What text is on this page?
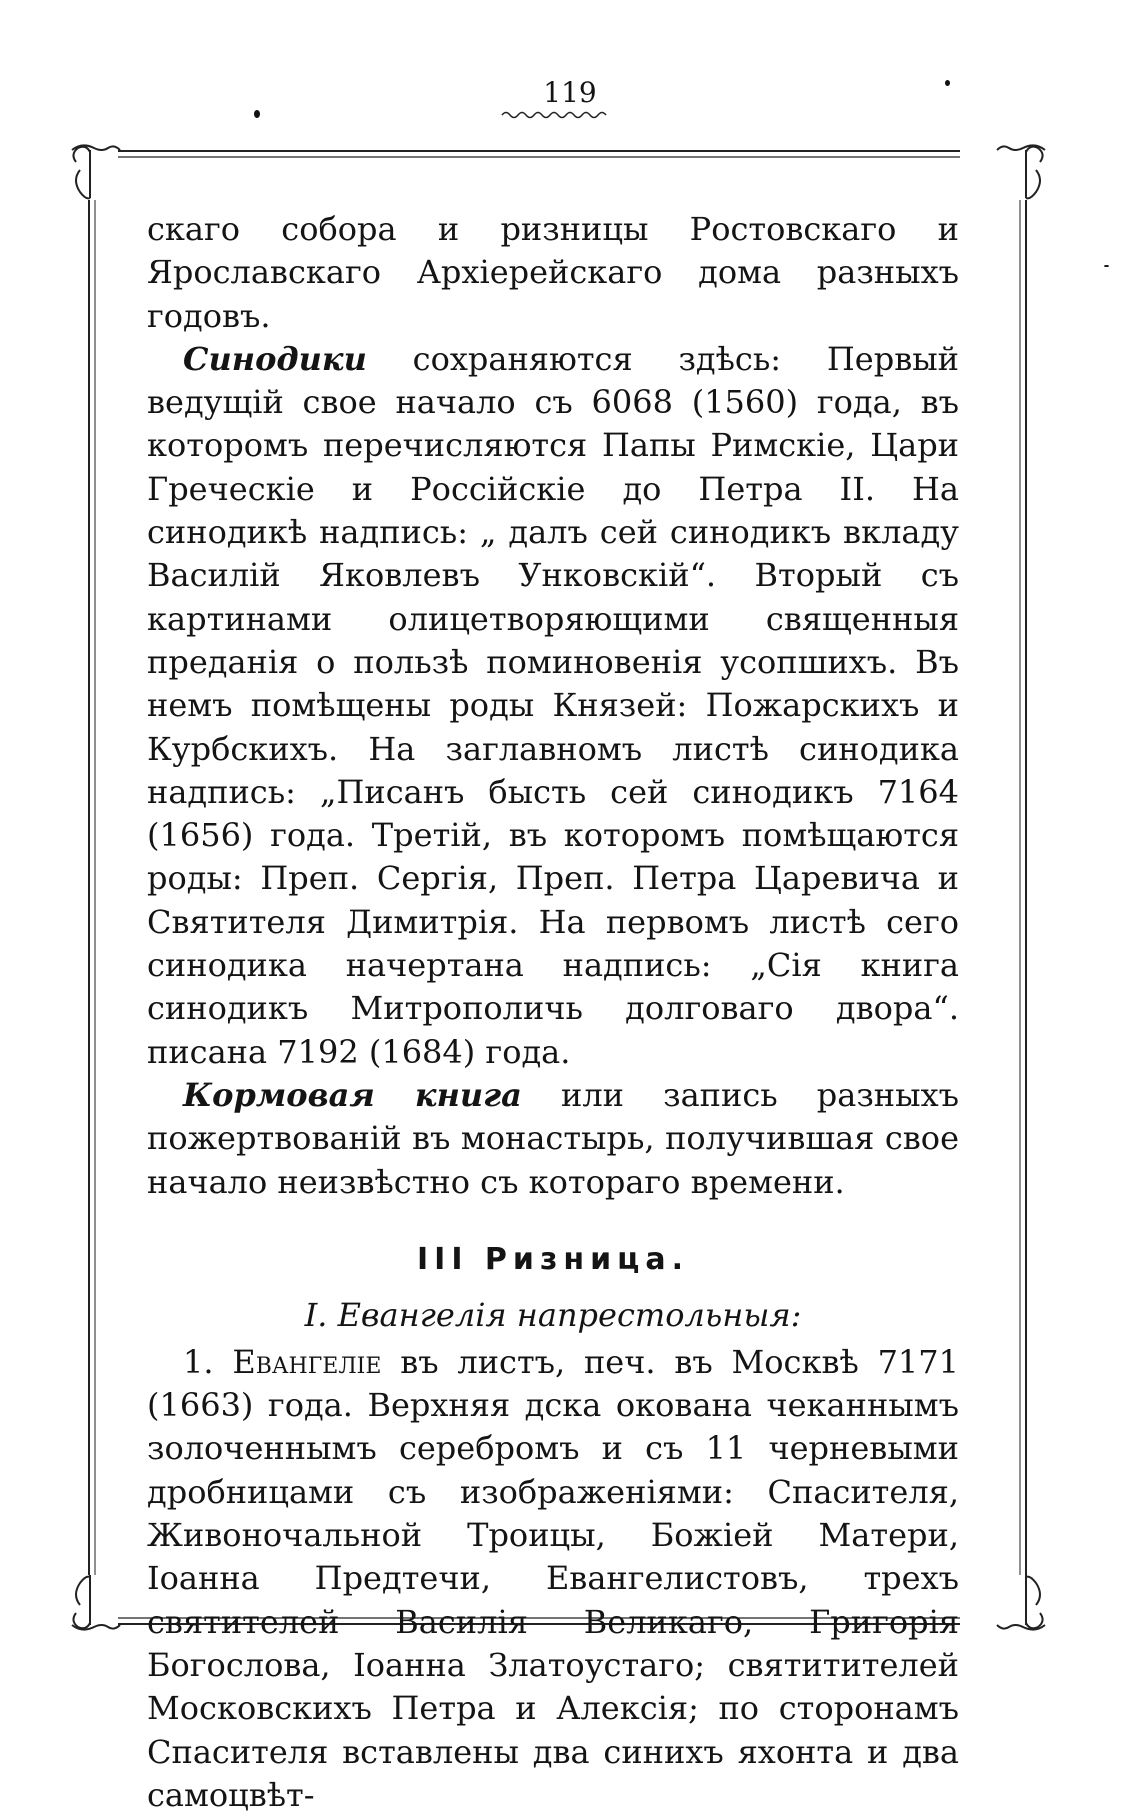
119

скаго собора и ризницы Ростовскаго и Ярославскаго Архіерейскаго дома разныхъ годовъ.

Синодики сохраняются здѣсь: Первый ведущій свое начало съ 6068 (1560) года, въ которомъ перечисляются Папы Римскіе, Цари Греческіе и Россійскіе до Петра II. На синодикѣ надпись: „ далъ сей синодикъ вкладу Василій Яковлевъ Унковскій“. Вторый съ картинами олицетворяющими священныя преданія о пользѣ поминовенія усопшихъ. Въ немъ помѣщены роды Князей: Пожарскихъ и Курбскихъ. На заглавномъ листѣ синодика надпись: „Писанъ бысть сей синодикъ 7164 (1656) года. Третій, въ которомъ помѣщаются роды: Преп. Сергія, Преп. Петра Царевича и Святителя Димитрія. На первомъ листѣ сего синодика начертана надпись: „Сія книга синодикъ Митрополичь долговаго двора“. писана 7192 (1684) года.

Кормовая книга или запись разныхъ пожертвованій въ монастырь, получившая свое начало неизвѣстно съ котораго времени.

III Ризница.
I. Евангелія напрестольныя:

1. Евангеліе въ листъ, печ. въ Москвѣ 7171 (1663) года. Верхняя дска окована чеканнымъ золоченнымъ серебромъ и съ 11 черневыми дробницами съ изображеніями: Спасителя, Живоночальной Троицы, Божіей Матери, Іоанна Предтечи, Евангелистовъ, трехъ святителей Василія Великаго, Григорія Богослова, Іоанна Златоустаго; святитителей Московскихъ Петра и Алексія; по сторонамъ Спасителя вставлены два синихъ яхонта и два самоцвѣт-
